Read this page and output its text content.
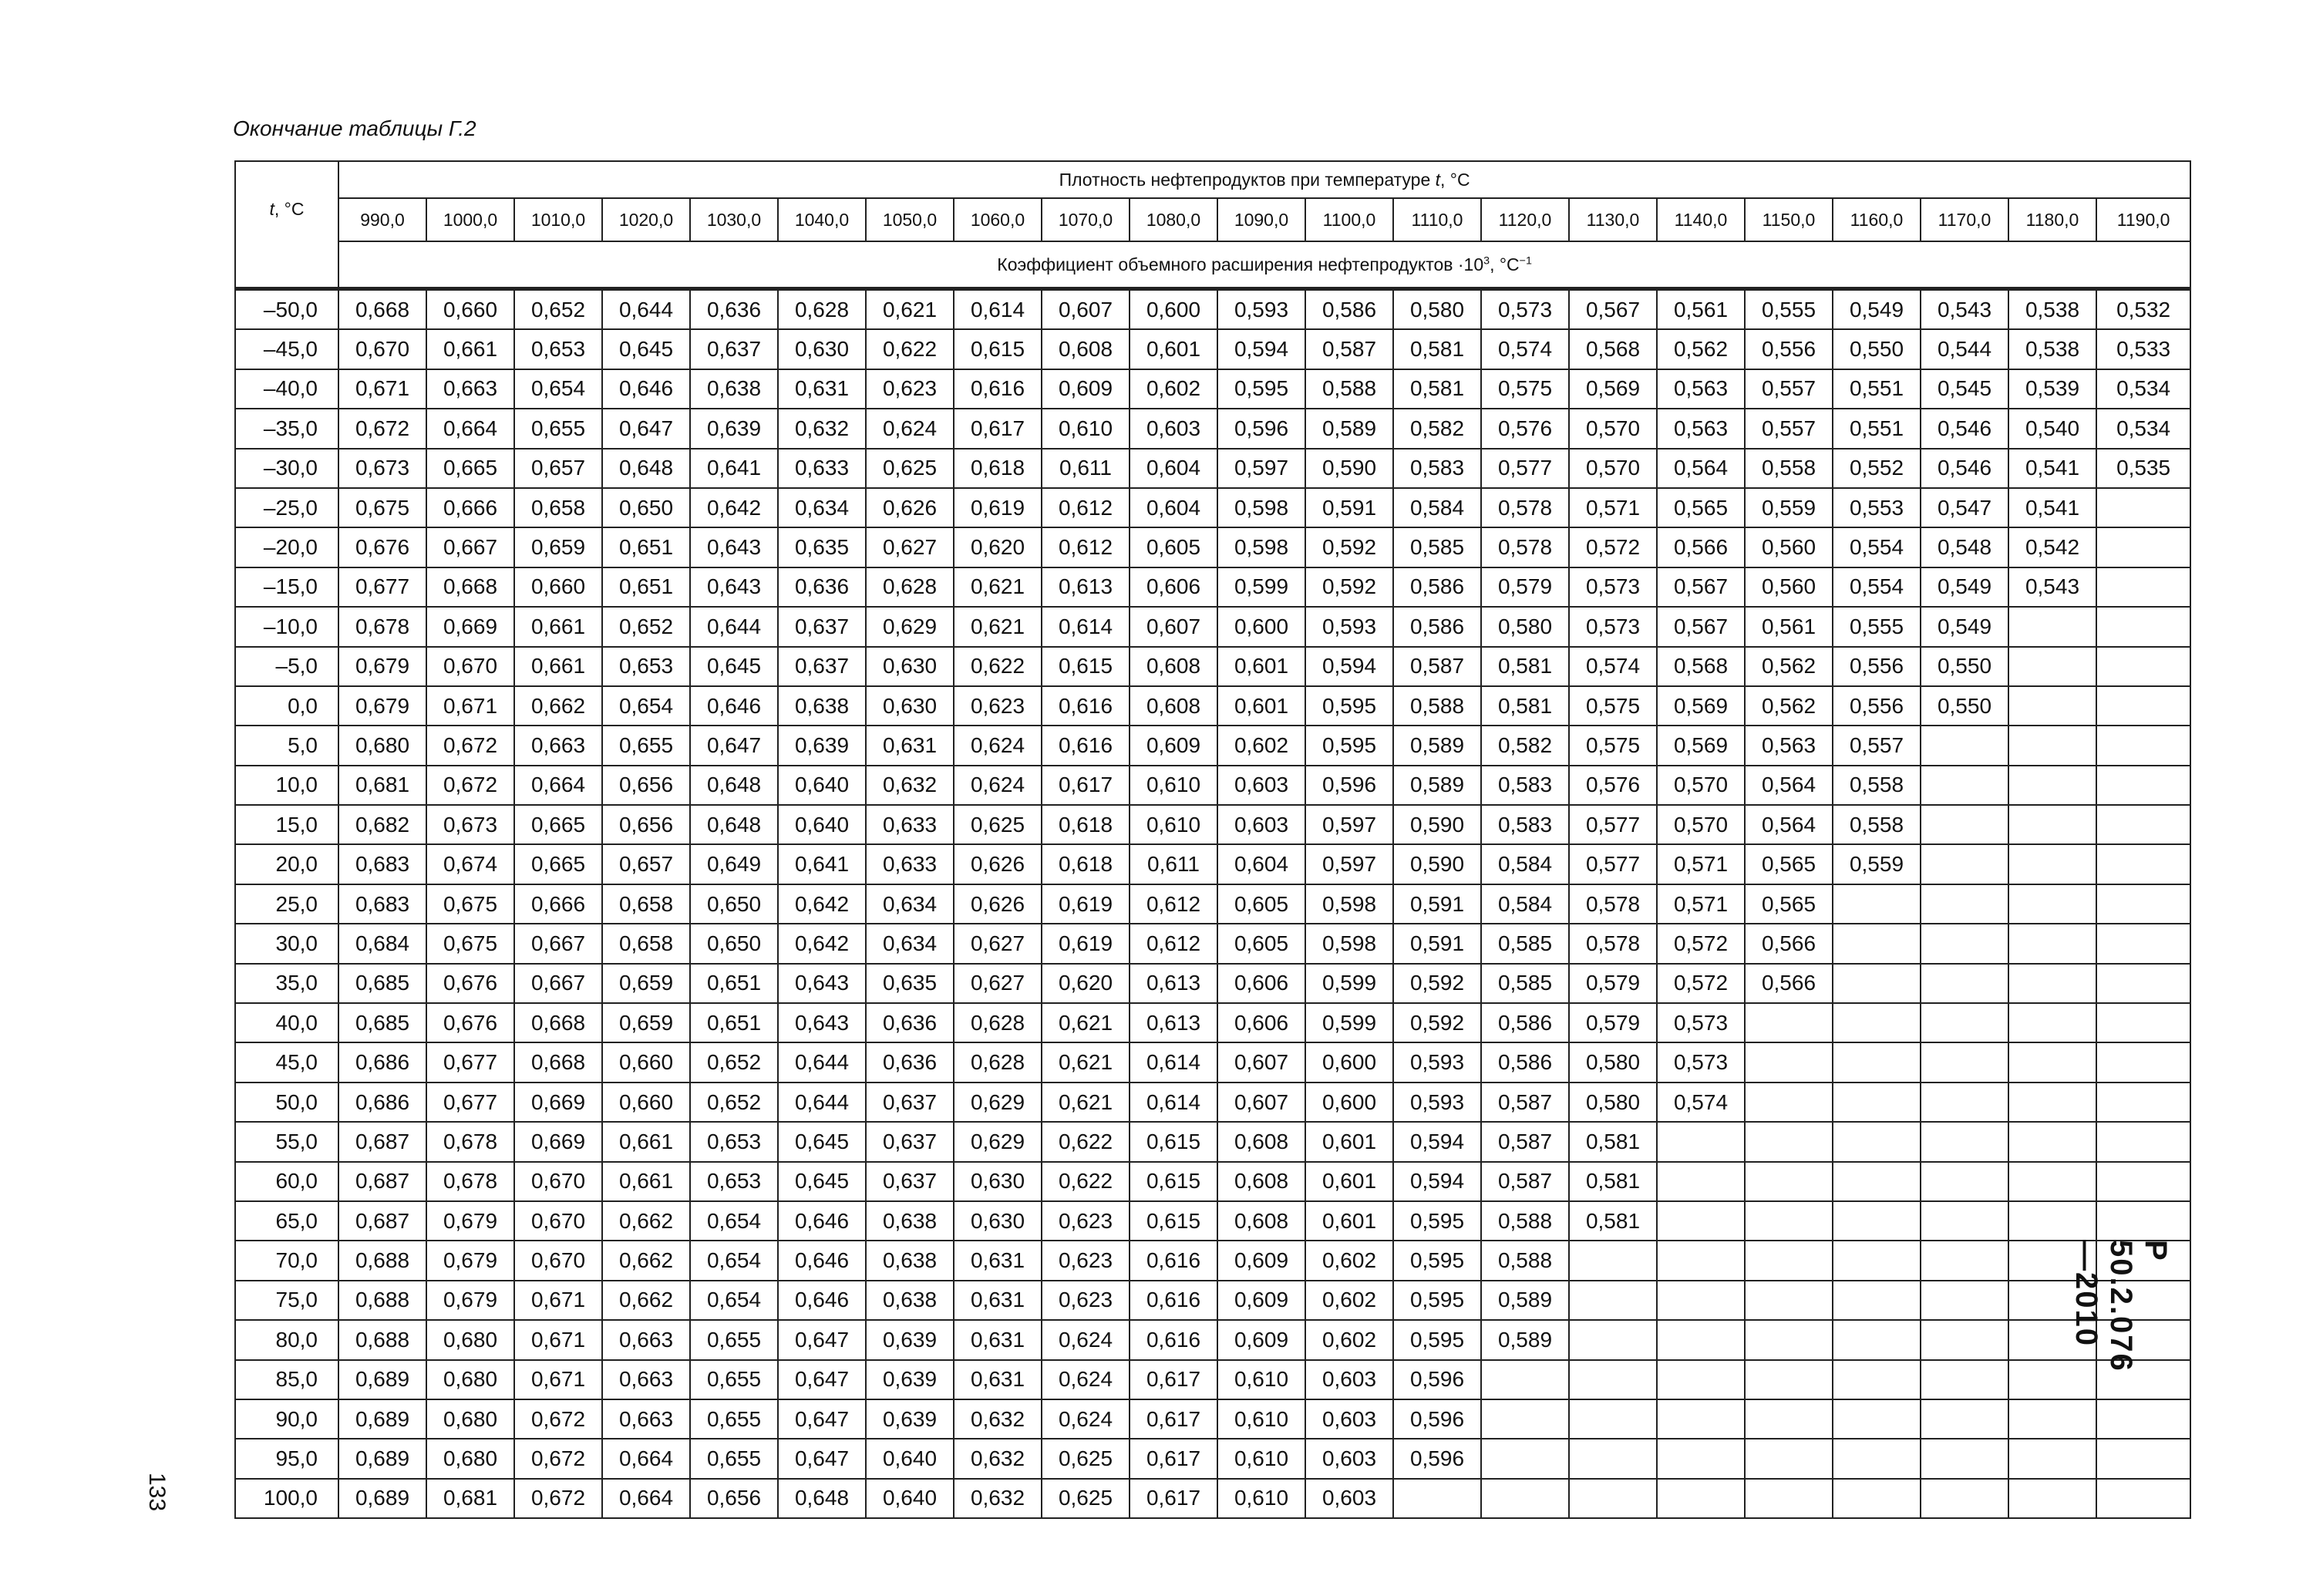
Окончание таблицы Г.2
t, °C	Плотность нефтепродуктов при температуре t, °C																				
	990,0	1000,0	1010,0	1020,0	1030,0	1040,0	1050,0	1060,0	1070,0	1080,0	1090,0	1100,0	1110,0	1120,0	1130,0	1140,0	1150,0	1160,0	1170,0	1180,0	1190,0
	Коэффициент объемного расширения нефтепродуктов $\cdot 10^3$, $^\circ C^{-1}$
–50,0	0,668	0,660	0,652	0,644	0,636	0,628	0,621	0,614	0,607	0,600	0,593	0,586	0,580	0,573	0,567	0,561	0,555	0,549	0,543	0,538	0,532
–45,0	0,670	0,661	0,653	0,645	0,637	0,630	0,622	0,615	0,608	0,601	0,594	0,587	0,581	0,574	0,568	0,562	0,556	0,550	0,544	0,538	0,533
–40,0	0,671	0,663	0,654	0,646	0,638	0,631	0,623	0,616	0,609	0,602	0,595	0,588	0,581	0,575	0,569	0,563	0,557	0,551	0,545	0,539	0,534
–35,0	0,672	0,664	0,655	0,647	0,639	0,632	0,624	0,617	0,610	0,603	0,596	0,589	0,582	0,576	0,570	0,563	0,557	0,551	0,546	0,540	0,534
–30,0	0,673	0,665	0,657	0,648	0,641	0,633	0,625	0,618	0,611	0,604	0,597	0,590	0,583	0,577	0,570	0,564	0,558	0,552	0,546	0,541	0,535
–25,0	0,675	0,666	0,658	0,650	0,642	0,634	0,626	0,619	0,612	0,604	0,598	0,591	0,584	0,578	0,571	0,565	0,559	0,553	0,547	0,541	
–20,0	0,676	0,667	0,659	0,651	0,643	0,635	0,627	0,620	0,612	0,605	0,598	0,592	0,585	0,578	0,572	0,566	0,560	0,554	0,548	0,542	
–15,0	0,677	0,668	0,660	0,651	0,643	0,636	0,628	0,621	0,613	0,606	0,599	0,592	0,586	0,579	0,573	0,567	0,560	0,554	0,549	0,543	
–10,0	0,678	0,669	0,661	0,652	0,644	0,637	0,629	0,621	0,614	0,607	0,600	0,593	0,586	0,580	0,573	0,567	0,561	0,555	0,549		
–5,0	0,679	0,670	0,661	0,653	0,645	0,637	0,630	0,622	0,615	0,608	0,601	0,594	0,587	0,581	0,574	0,568	0,562	0,556	0,550		
0,0	0,679	0,671	0,662	0,654	0,646	0,638	0,630	0,623	0,616	0,608	0,601	0,595	0,588	0,581	0,575	0,569	0,562	0,556	0,550		
5,0	0,680	0,672	0,663	0,655	0,647	0,639	0,631	0,624	0,616	0,609	0,602	0,595	0,589	0,582	0,575	0,569	0,563	0,557			
10,0	0,681	0,672	0,664	0,656	0,648	0,640	0,632	0,624	0,617	0,610	0,603	0,596	0,589	0,583	0,576	0,570	0,564	0,558			
15,0	0,682	0,673	0,665	0,656	0,648	0,640	0,633	0,625	0,618	0,610	0,603	0,597	0,590	0,583	0,577	0,570	0,564	0,558			
20,0	0,683	0,674	0,665	0,657	0,649	0,641	0,633	0,626	0,618	0,611	0,604	0,597	0,590	0,584	0,577	0,571	0,565	0,559			
25,0	0,683	0,675	0,666	0,658	0,650	0,642	0,634	0,626	0,619	0,612	0,605	0,598	0,591	0,584	0,578	0,571	0,565				
30,0	0,684	0,675	0,667	0,658	0,650	0,642	0,634	0,627	0,619	0,612	0,605	0,598	0,591	0,585	0,578	0,572	0,566				
35,0	0,685	0,676	0,667	0,659	0,651	0,643	0,635	0,627	0,620	0,613	0,606	0,599	0,592	0,585	0,579	0,572	0,566				
40,0	0,685	0,676	0,668	0,659	0,651	0,643	0,636	0,628	0,621	0,613	0,606	0,599	0,592	0,586	0,579	0,573					
45,0	0,686	0,677	0,668	0,660	0,652	0,644	0,636	0,628	0,621	0,614	0,607	0,600	0,593	0,586	0,580	0,573					
50,0	0,686	0,677	0,669	0,660	0,652	0,644	0,637	0,629	0,621	0,614	0,607	0,600	0,593	0,587	0,580	0,574					
55,0	0,687	0,678	0,669	0,661	0,653	0,645	0,637	0,629	0,622	0,615	0,608	0,601	0,594	0,587	0,581						
60,0	0,687	0,678	0,670	0,661	0,653	0,645	0,637	0,630	0,622	0,615	0,608	0,601	0,594	0,587	0,581						
65,0	0,687	0,679	0,670	0,662	0,654	0,646	0,638	0,630	0,623	0,615	0,608	0,601	0,595	0,588	0,581						
70,0	0,688	0,679	0,670	0,662	0,654	0,646	0,638	0,631	0,623	0,616	0,609	0,602	0,595	0,588							
75,0	0,688	0,679	0,671	0,662	0,654	0,646	0,638	0,631	0,623	0,616	0,609	0,602	0,595	0,589							
80,0	0,688	0,680	0,671	0,663	0,655	0,647	0,639	0,631	0,624	0,616	0,609	0,602	0,595	0,589							
85,0	0,689	0,680	0,671	0,663	0,655	0,647	0,639	0,631	0,624	0,617	0,610	0,603	0,596								
90,0	0,689	0,680	0,672	0,663	0,655	0,647	0,639	0,632	0,624	0,617	0,610	0,603	0,596								
95,0	0,689	0,680	0,672	0,664	0,655	0,647	0,640	0,632	0,625	0,617	0,610	0,603	0,596								
100,0	0,689	0,681	0,672	0,664	0,656	0,648	0,640	0,632	0,625	0,617	0,610	0,603									
133
Р 50.2.076—2010
